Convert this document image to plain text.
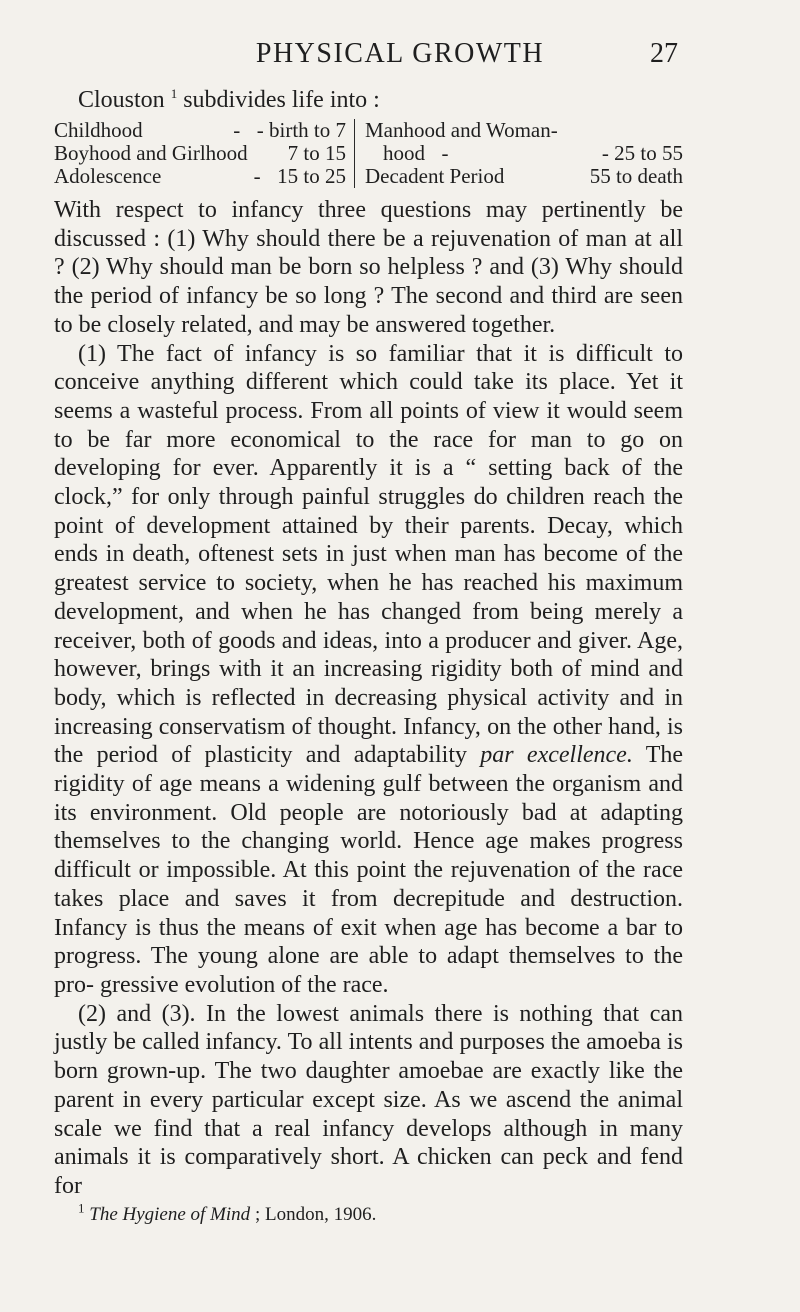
PHYSICAL GROWTH	27
Clouston $^1$ subdivides life into :
Childhood	- - birth to 7
Boyhood and Girlhood	7 to 15
Adolescence	- 15 to 25
Manhood and Woman-
hood -	- 25 to 55
Decadent Period	55 to death

With respect to infancy three questions may pertinently be discussed : (1) Why should there be a rejuvenation of man at all ? (2) Why should man be born so helpless ? and (3) Why should the period of infancy be so long ? The second and third are seen to be closely related, and may be answered together.

(1) The fact of infancy is so familiar that it is difficult to conceive anything different which could take its place. Yet it seems a wasteful process. From all points of view it would seem to be far more economical to the race for man to go on developing for ever. Apparently it is a “ setting back of the clock,” for only through painful struggles do children reach the point of development attained by their parents. Decay, which ends in death, oftenest sets in just when man has become of the greatest service to society, when he has reached his maximum development, and when he has changed from being merely a receiver, both of goods and ideas, into a producer and giver. Age, however, brings with it an increasing rigidity both of mind and body, which is reflected in decreasing physical activity and in increasing conservatism of thought. Infancy, on the other hand, is the period of plasticity and adaptability par excellence. The rigidity of age means a widening gulf between the organism and its environment. Old people are notoriously bad at adapting themselves to the changing world. Hence age makes progress difficult or impossible. At this point the rejuvenation of the race takes place and saves it from decrepitude and destruction. Infancy is thus the means of exit when age has become a bar to progress. The young alone are able to adapt themselves to the pro- gressive evolution of the race.

(2) and (3). In the lowest animals there is nothing that can justly be called infancy. To all intents and purposes the amoeba is born grown-up. The two daughter amoebae are exactly like the parent in every particular except size. As we ascend the animal scale we find that a real infancy develops although in many animals it is comparatively short. A chicken can peck and fend for

$^1$ The Hygiene of Mind ; London, 1906.
